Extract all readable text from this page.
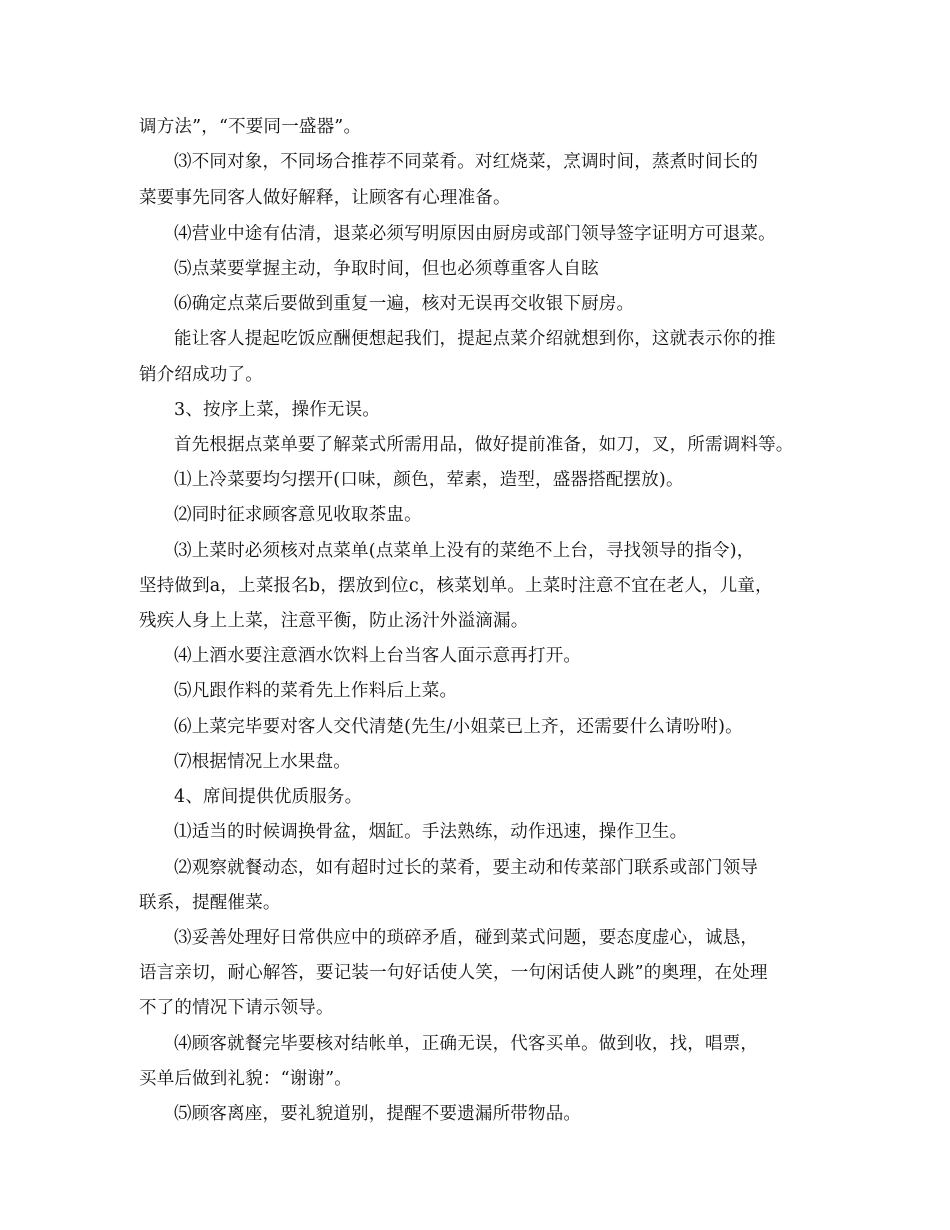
调方法”，“不要同一盛器”。
⑶不同对象，不同场合推荐不同菜肴。对红烧菜，烹调时间，蒸煮时间长的
菜要事先同客人做好解释，让顾客有心理准备。
⑷营业中途有估清，退菜必须写明原因由厨房或部门领导签字证明方可退菜。
⑸点菜要掌握主动，争取时间，但也必须尊重客人自眩
⑹确定点菜后要做到重复一遍，核对无误再交收银下厨房。
能让客人提起吃饭应酬便想起我们，提起点菜介绍就想到你，这就表示你的推
销介绍成功了。
3、按序上菜，操作无误。
首先根据点菜单要了解菜式所需用品，做好提前准备，如刀，叉，所需调料等。
⑴上冷菜要均匀摆开(口味，颜色，荤素，造型，盛器搭配摆放)。
⑵同时征求顾客意见收取茶盅。
⑶上菜时必须核对点菜单(点菜单上没有的菜绝不上台，寻找领导的指令)，
坚持做到a，上菜报名b，摆放到位c，核菜划单。上菜时注意不宜在老人，儿童，
残疾人身上上菜，注意平衡，防止汤汁外溢滴漏。
⑷上酒水要注意酒水饮料上台当客人面示意再打开。
⑸凡跟作料的菜肴先上作料后上菜。
⑹上菜完毕要对客人交代清楚(先生/小姐菜已上齐，还需要什么请吩咐)。
⑺根据情况上水果盘。
4、席间提供优质服务。
⑴适当的时候调换骨盆，烟缸。手法熟练，动作迅速，操作卫生。
⑵观察就餐动态，如有超时过长的菜肴，要主动和传菜部门联系或部门领导
联系，提醒催菜。
⑶妥善处理好日常供应中的琐碎矛盾，碰到菜式问题，要态度虚心，诚恳，
语言亲切，耐心解答，要记装一句好话使人笑，一句闲话使人跳”的奥理，在处理
不了的情况下请示领导。
⑷顾客就餐完毕要核对结帐单，正确无误，代客买单。做到收，找，唱票，
买单后做到礼貌：“谢谢”。
⑸顾客离座，要礼貌道别，提醒不要遗漏所带物品。
